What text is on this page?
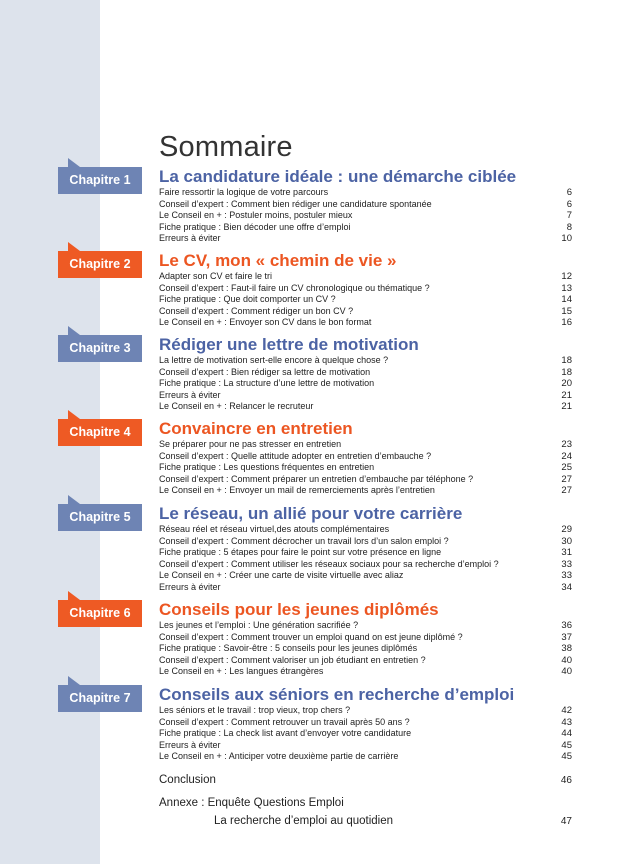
Sommaire
Chapitre 1	La candidature idéale : une démarche ciblée
Faire ressortir la logique de votre parcours	6
Conseil d’expert : Comment bien rédiger une candidature spontanée	6
Le Conseil en + : Postuler moins, postuler mieux	7
Fiche pratique : Bien décoder une offre d’emploi	8
Erreurs à éviter	10
Chapitre 2	Le CV, mon « chemin de vie »
Adapter son CV et faire le tri	12
Conseil d’expert : Faut-il faire un CV chronologique ou thématique ?	13
Fiche pratique : Que doit comporter un CV ?	14
Conseil d’expert : Comment rédiger un bon CV ?	15
Le Conseil en + : Envoyer son CV dans le bon format	16
Chapitre 3	Rédiger une lettre de motivation
La lettre de motivation sert-elle encore à quelque chose ?	18
Conseil d’expert : Bien rédiger sa lettre de motivation	18
Fiche pratique : La structure d’une lettre de motivation	20
Erreurs à éviter	21
Le Conseil en + : Relancer le recruteur	21
Chapitre 4	Convaincre en entretien
Se préparer pour ne pas stresser en entretien	23
Conseil d’expert : Quelle attitude adopter en entretien d’embauche ?	24
Fiche pratique : Les questions fréquentes en entretien	25
Conseil d’expert : Comment préparer un entretien d’embauche par téléphone ?	27
Le Conseil en + : Envoyer un mail de remerciements après l’entretien	27
Chapitre 5	Le réseau, un allié pour votre carrière
Réseau réel et réseau virtuel,des atouts complémentaires	29
Conseil d’expert : Comment décrocher un travail lors d’un salon emploi ?	30
Fiche pratique : 5 étapes pour faire le point sur votre présence en ligne	31
Conseil d’expert : Comment utiliser les réseaux sociaux pour sa recherche d’emploi ?	33
Le Conseil en + : Créer une carte de visite virtuelle avec aliaz	33
Erreurs à éviter	34
Chapitre 6	Conseils pour les jeunes diplômés
Les jeunes et l’emploi : Une génération sacrifiée ?	36
Conseil d’expert : Comment trouver un emploi quand on est jeune diplômé ?	37
Fiche pratique : Savoir-être : 5 conseils pour les jeunes diplômés	38
Conseil d’expert : Comment valoriser un job étudiant en entretien ?	40
Le Conseil en + : Les langues étrangères	40
Chapitre 7	Conseils aux séniors en recherche d’emploi
Les séniors et le travail : trop vieux, trop chers ?	42
Conseil d’expert : Comment retrouver un travail après 50 ans ?	43
Fiche pratique : La check list avant d’envoyer votre candidature	44
Erreurs à éviter	45
Le Conseil en + : Anticiper votre deuxième partie de carrière	45
Conclusion	46
Annexe : Enquête Questions Emploi
La recherche d’emploi au quotidien	47
